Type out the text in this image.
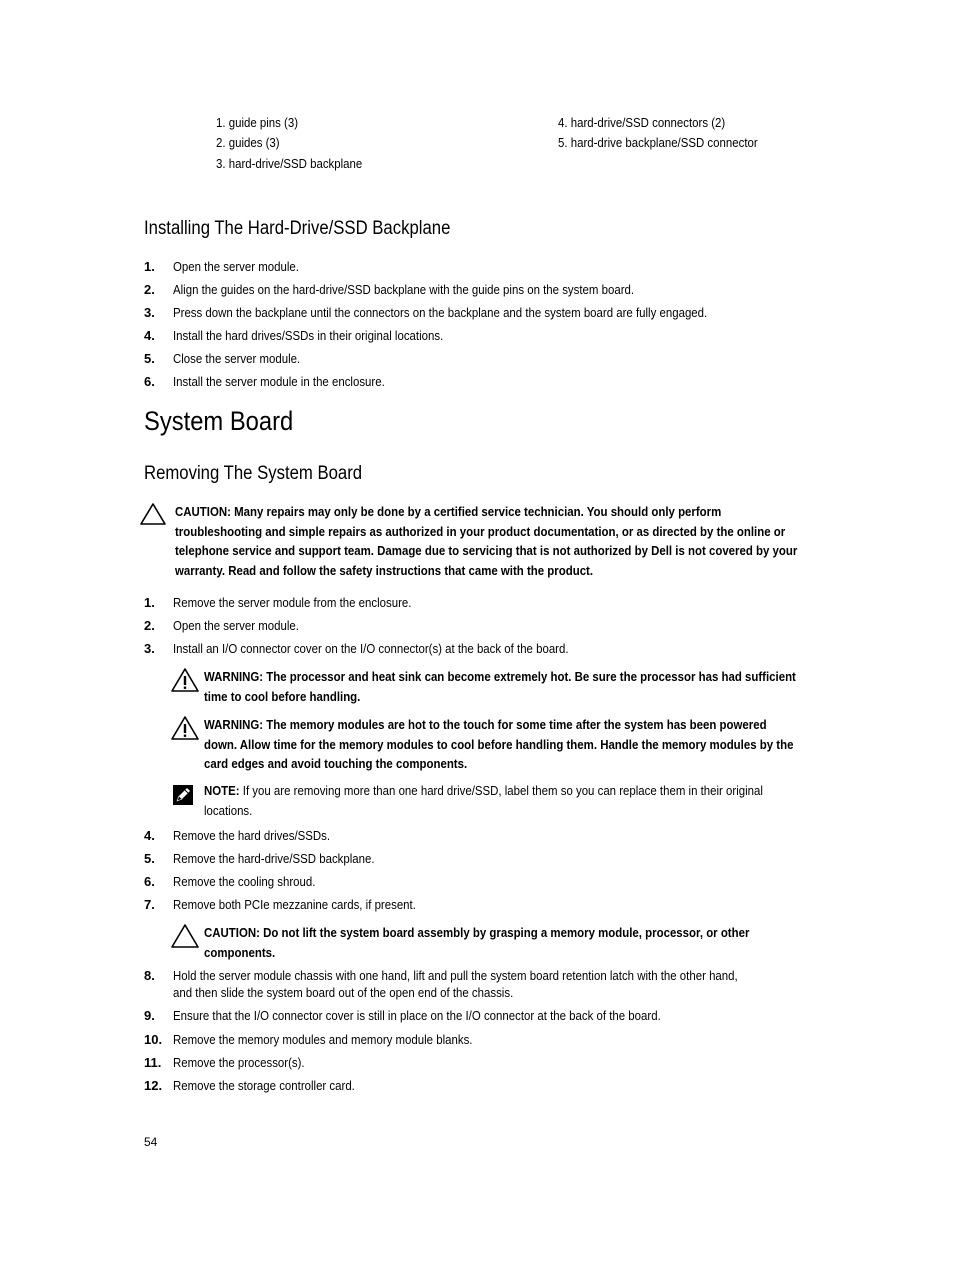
1. guide pins (3)
2. guides (3)
3. hard-drive/SSD backplane
4. hard-drive/SSD connectors (2)
5. hard-drive backplane/SSD connector
Installing The Hard-Drive/SSD Backplane
1. Open the server module.
2. Align the guides on the hard-drive/SSD backplane with the guide pins on the system board.
3. Press down the backplane until the connectors on the backplane and the system board are fully engaged.
4. Install the hard drives/SSDs in their original locations.
5. Close the server module.
6. Install the server module in the enclosure.
System Board
Removing The System Board
CAUTION: Many repairs may only be done by a certified service technician. You should only perform
troubleshooting and simple repairs as authorized in your product documentation, or as directed by the online or
telephone service and support team. Damage due to servicing that is not authorized by Dell is not covered by your
warranty. Read and follow the safety instructions that came with the product.
1. Remove the server module from the enclosure.
2. Open the server module.
3. Install an I/O connector cover on the I/O connector(s) at the back of the board.
WARNING: The processor and heat sink can become extremely hot. Be sure the processor has had sufficient
time to cool before handling.
WARNING: The memory modules are hot to the touch for some time after the system has been powered
down. Allow time for the memory modules to cool before handling them. Handle the memory modules by the
card edges and avoid touching the components.
NOTE: If you are removing more than one hard drive/SSD, label them so you can replace them in their original
locations.
4. Remove the hard drives/SSDs.
5. Remove the hard-drive/SSD backplane.
6. Remove the cooling shroud.
7. Remove both PCIe mezzanine cards, if present.
CAUTION: Do not lift the system board assembly by grasping a memory module, processor, or other
components.
8. Hold the server module chassis with one hand, lift and pull the system board retention latch with the other hand,
and then slide the system board out of the open end of the chassis.
9. Ensure that the I/O connector cover is still in place on the I/O connector at the back of the board.
10. Remove the memory modules and memory module blanks.
11. Remove the processor(s).
12. Remove the storage controller card.
54
